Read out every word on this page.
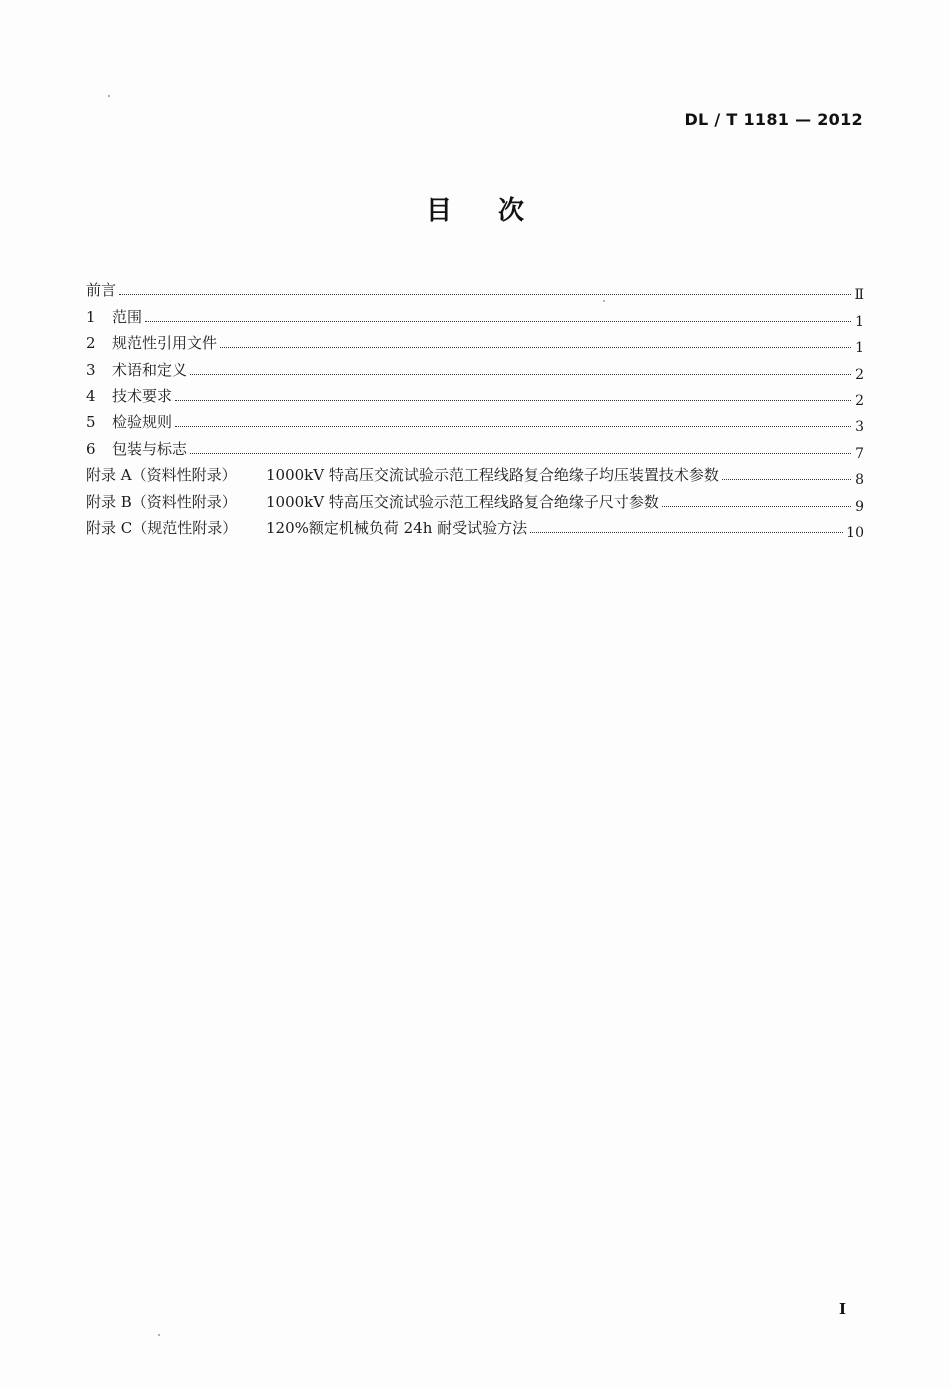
DL / T 1181 — 2012
目 次
前言	Ⅱ
1	范围	1
2	规范性引用文件	1
3	术语和定义	2
4	技术要求	2
5	检验规则	3
6	包装与标志	7
附录 A（资料性附录）	1000kV 特高压交流试验示范工程线路复合绝缘子均压装置技术参数	8
附录 B（资料性附录）	1000kV 特高压交流试验示范工程线路复合绝缘子尺寸参数	9
附录 C（规范性附录）	120%额定机械负荷 24h 耐受试验方法	10
I
